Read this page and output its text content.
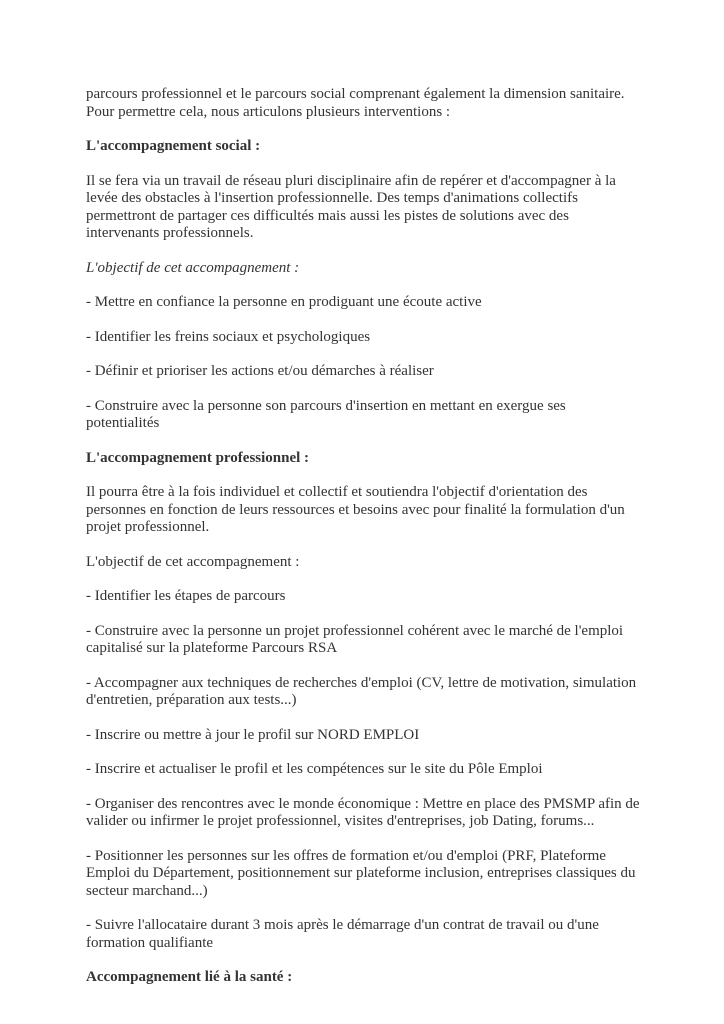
parcours professionnel et le parcours social comprenant également la dimension sanitaire. Pour permettre cela, nous articulons plusieurs interventions :

L'accompagnement social :

Il se fera via un travail de réseau pluri disciplinaire afin de repérer et d'accompagner à la levée des obstacles à l'insertion professionnelle. Des temps d'animations collectifs permettront de partager ces difficultés mais aussi les pistes de solutions avec des intervenants professionnels.

L'objectif de cet accompagnement :

- Mettre en confiance la personne en prodiguant une écoute active

- Identifier les freins sociaux et psychologiques

- Définir et prioriser les actions et/ou démarches à réaliser

- Construire avec la personne son parcours d'insertion en mettant en exergue ses potentialités

L'accompagnement professionnel :

Il pourra être à la fois individuel et collectif et soutiendra l'objectif d'orientation des personnes en fonction de leurs ressources et besoins avec pour finalité la formulation d'un projet professionnel.

L'objectif de cet accompagnement :

- Identifier les étapes de parcours

- Construire avec la personne un projet professionnel cohérent avec le marché de l'emploi capitalisé sur la plateforme Parcours RSA

- Accompagner aux techniques de recherches d'emploi (CV, lettre de motivation, simulation d'entretien, préparation aux tests...)

- Inscrire ou mettre à jour le profil sur NORD EMPLOI

- Inscrire et actualiser le profil et les compétences sur le site du Pôle Emploi

- Organiser des rencontres avec le monde économique : Mettre en place des PMSMP afin de valider ou infirmer le projet professionnel, visites d'entreprises, job Dating, forums...

- Positionner les personnes sur les offres de formation et/ou d'emploi (PRF, Plateforme Emploi du Département, positionnement sur plateforme inclusion, entreprises classiques du secteur marchand...)

- Suivre l'allocataire durant 3 mois après le démarrage d'un contrat de travail ou d'une formation qualifiante

Accompagnement lié à la santé :
